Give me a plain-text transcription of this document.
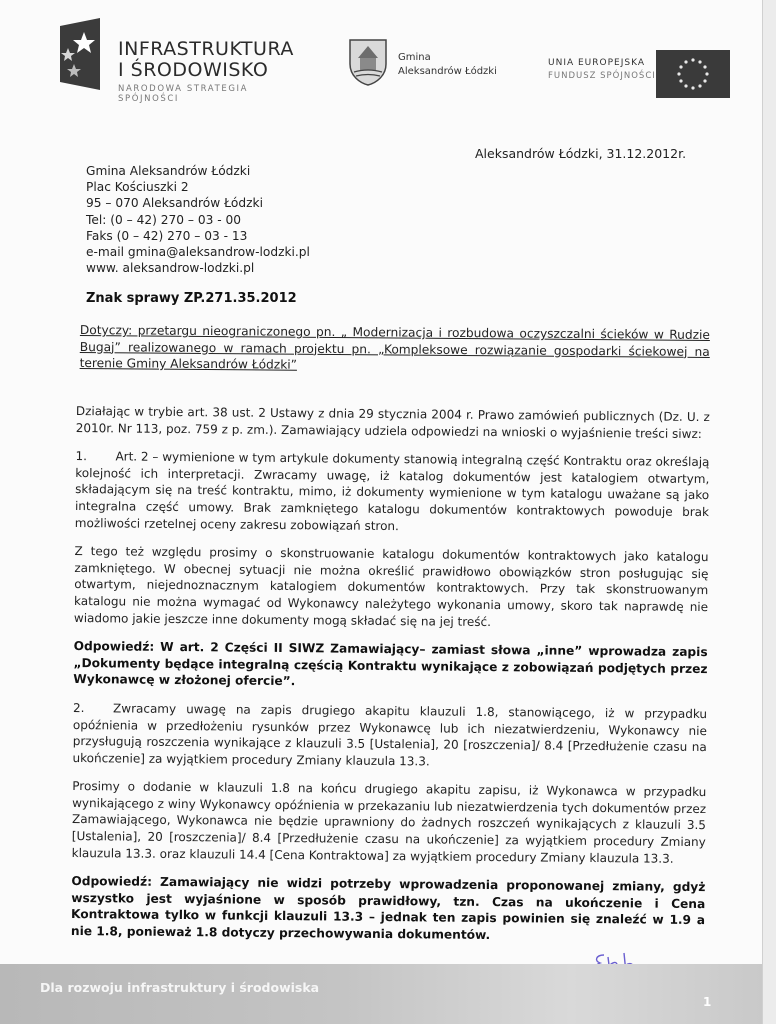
INFRASTRUKTURA
I ŚRODOWISKO
NARODOWA STRATEGIA SPÓJNOŚCI
Gmina
Aleksandrów Łódzki
UNIA EUROPEJSKA
FUNDUSZ SPÓJNOŚCI
Aleksandrów Łódzki, 31.12.2012r.
Gmina Aleksandrów Łódzki
Plac Kościuszki 2
95 – 070 Aleksandrów Łódzki
Tel: (0 – 42) 270 – 03 - 00
Faks (0 – 42) 270 – 03 - 13
e-mail gmina@aleksandrow-lodzki.pl
www. aleksandrow-lodzki.pl
Znak sprawy ZP.271.35.2012
Dotyczy: przetargu nieograniczonego pn. „ Modernizacja i rozbudowa oczyszczalni ścieków w Rudzie Bugaj” realizowanego w ramach projektu pn. „Kompleksowe rozwiązanie gospodarki ściekowej na terenie Gminy Aleksandrów Łódzki”

Działając w trybie art. 38 ust. 2 Ustawy z dnia 29 stycznia 2004 r. Prawo zamówień publicznych (Dz. U. z 2010r. Nr 113, poz. 759 z p. zm.). Zamawiający udziela odpowiedzi na wnioski o wyjaśnienie treści siwz:

1. Art. 2 – wymienione w tym artykule dokumenty stanowią integralną część Kontraktu oraz określają kolejność ich interpretacji. Zwracamy uwagę, iż katalog dokumentów jest katalogiem otwartym, składającym się na treść kontraktu, mimo, iż dokumenty wymienione w tym katalogu uważane są jako integralna część umowy. Brak zamkniętego katalogu dokumentów kontraktowych powoduje brak możliwości rzetelnej oceny zakresu zobowiązań stron.

Z tego też względu prosimy o skonstruowanie katalogu dokumentów kontraktowych jako katalogu zamkniętego. W obecnej sytuacji nie można określić prawidłowo obowiązków stron posługując się otwartym, niejednoznacznym katalogiem dokumentów kontraktowych. Przy tak skonstruowanym katalogu nie można wymagać od Wykonawcy należytego wykonania umowy, skoro tak naprawdę nie wiadomo jakie jeszcze inne dokumenty mogą składać się na jej treść.

Odpowiedź: W art. 2 Części II SIWZ Zamawiający– zamiast słowa „inne” wprowadza zapis „Dokumenty będące integralną częścią Kontraktu wynikające z zobowiązań podjętych przez Wykonawcę w złożonej ofercie”.

2. Zwracamy uwagę na zapis drugiego akapitu klauzuli 1.8, stanowiącego, iż w przypadku opóźnienia w przedłożeniu rysunków przez Wykonawcę lub ich niezatwierdzeniu, Wykonawcy nie przysługują roszczenia wynikające z klauzuli 3.5 [Ustalenia], 20 [roszczenia]/ 8.4 [Przedłużenie czasu na ukończenie] za wyjątkiem procedury Zmiany klauzula 13.3.

Prosimy o dodanie w klauzuli 1.8 na końcu drugiego akapitu zapisu, iż Wykonawca w przypadku wynikającego z winy Wykonawcy opóźnienia w przekazaniu lub niezatwierdzenia tych dokumentów przez Zamawiającego, Wykonawca nie będzie uprawniony do żadnych roszczeń wynikających z klauzuli 3.5 [Ustalenia], 20 [roszczenia]/ 8.4 [Przedłużenie czasu na ukończenie] za wyjątkiem procedury Zmiany klauzula 13.3. oraz klauzuli 14.4 [Cena Kontraktowa] za wyjątkiem procedury Zmiany klauzula 13.3.

Odpowiedź: Zamawiający nie widzi potrzeby wprowadzenia proponowanej zmiany, gdyż wszystko jest wyjaśnione w sposób prawidłowy, tzn. Czas na ukończenie i Cena Kontraktowa tylko w funkcji klauzuli 13.3 – jednak ten zapis powinien się znaleźć w 1.9 a nie 1.8, ponieważ 1.8 dotyczy przechowywania dokumentów.

Dla rozwoju infrastruktury i środowiska
1
